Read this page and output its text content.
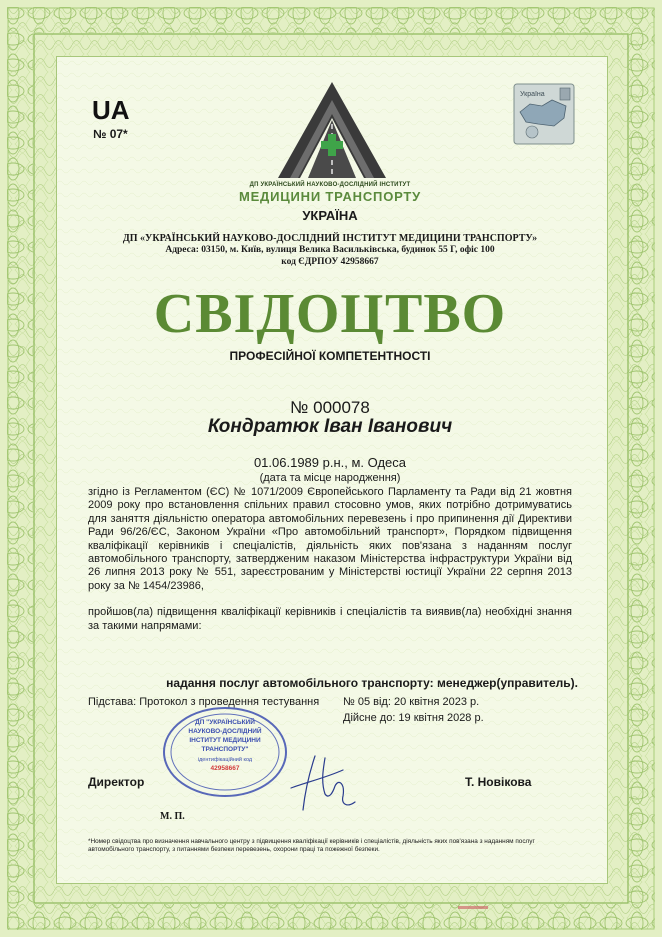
UA
№ 07*
Україна
ДП УКРАЇНСЬКИЙ НАУКОВО-ДОСЛІДНИЙ ІНСТИТУТ
МЕДИЦИНИ ТРАНСПОРТУ
УКРАЇНА
ДП «УКРАЇНСЬКИЙ НАУКОВО-ДОСЛІДНИЙ ІНСТИТУТ МЕДИЦИНИ ТРАНСПОРТУ»
Адреса: 03150, м. Київ, вулиця Велика Васильківська, будинок 55 Г, офіс 100
код ЄДРПОУ 42958667
СВІДОЦТВО
ПРОФЕСІЙНОЇ КОМПЕТЕНТНОСТІ
№ 000078
Кондратюк Іван Іванович
01.06.1989 р.н., м. Одеса
(дата та місце народження)
згідно із Регламентом (ЄС) № 1071/2009 Європейського Парламенту та Ради від 21 жовтня 2009 року про встановлення спільних правил стосовно умов, яких потрібно дотримуватись для заняття діяльністю оператора автомобільних перевезень і про припинення дії Директиви Ради 96/26/ЄС, Законом України «Про автомобільний транспорт», Порядком підвищення кваліфікації керівників і спеціалістів, діяльність яких пов'язана з наданням послуг автомобільного транспорту, затвердженим наказом Міністерства інфраструктури України від 26 липня 2013 року № 551, зареєстрованим у Міністерстві юстиції України 22 серпня 2013 року за № 1454/23986,
пройшов(ла) підвищення кваліфікації керівників і спеціалістів та виявив(ла) необхідні знання за такими напрямами:
надання послуг автомобільного транспорту: менеджер(управитель).
Підстава: Протокол з проведення тестування № 05 від: 20 квітня 2023 р.
Дійсне до: 19 квітня 2028 р.
ДП "УКРАЇНСЬКИЙ
НАУКОВО-ДОСЛІДНИЙ
ІНСТИТУТ МЕДИЦИНИ
ТРАНСПОРТУ"
ідентифікаційний код
42958667
Директор	Т. Новікова
М. П.
*Номер свідоцтва про визначення навчального центру з підвищення кваліфікації керівників і спеціалістів, діяльність яких пов'язана з наданням послуг автомобільного транспорту, з питаннями безпеки перевезень, охорони праці та пожежної безпеки.
